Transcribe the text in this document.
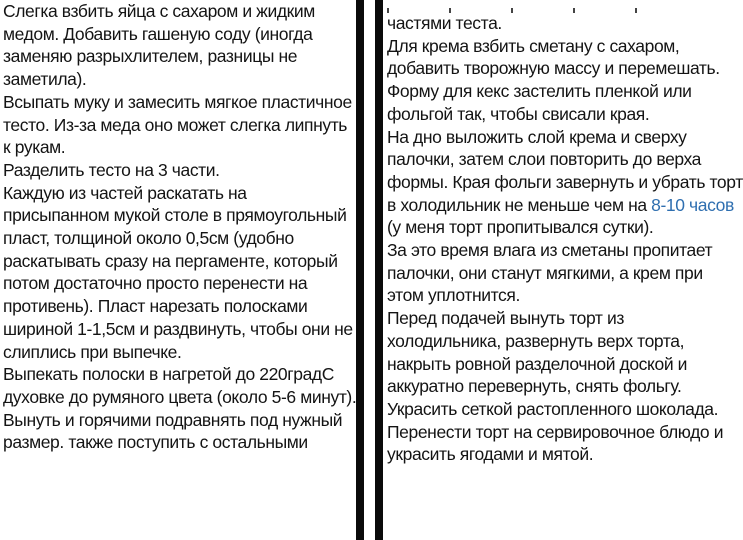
Слегка взбить яйца с сахаром и жидким

медом. Добавить гашеную соду (иногда

заменяю разрыхлителем, разницы не

заметила).

Всыпать муку и замесить мягкое пластичное

тесто. Из-за меда оно может слегка липнуть

к рукам.

Разделить тесто на 3 части.

Каждую из частей раскатать на

присыпанном мукой столе в прямоугольный

пласт, толщиной около 0,5см (удобно

раскатывать сразу на пергаменте, который

потом достаточно просто перенести на

противень). Пласт нарезать полосками

шириной 1-1,5см и раздвинуть, чтобы они не

слиплись при выпечке.

Выпекать полоски в нагретой до 220градС

духовке до румяного цвета (около 5-6 минут).

Вынуть и горячими подравнять под нужный

размер. также поступить с остальными

частями теста.

Для крема взбить сметану с сахаром,

добавить творожную массу и перемешать.

Форму для кекс застелить пленкой или

фольгой так, чтобы свисали края.

На дно выложить слой крема и сверху

палочки, затем слои повторить до верха

формы. Края фольги завернуть и убрать торт

в холодильник не меньше чем на 8-10 часов

(у меня торт пропитывался сутки).

За это время влага из сметаны пропитает

палочки, они станут мягкими, а крем при

этом уплотнится.

Перед подачей вынуть торт из

холодильника, развернуть верх торта,

накрыть ровной разделочной доской и

аккуратно перевернуть, снять фольгу.

Украсить сеткой растопленного шоколада.

Перенести торт на сервировочное блюдо и

украсить ягодами и мятой.
